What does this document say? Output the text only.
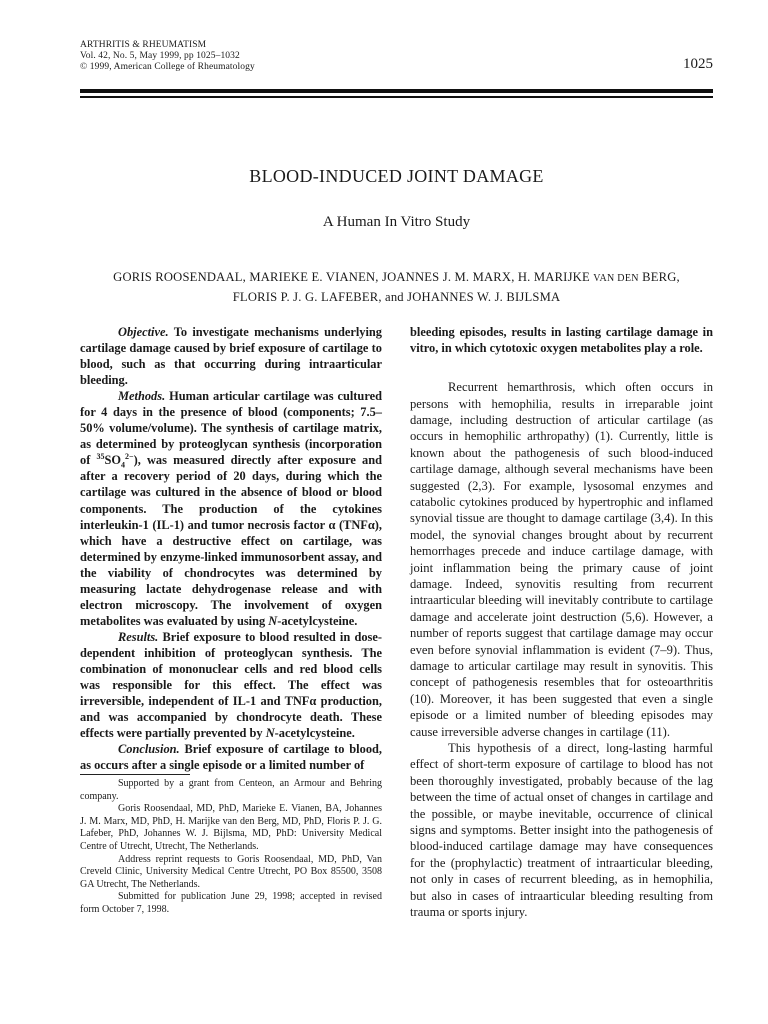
ARTHRITIS & RHEUMATISM
Vol. 42, No. 5, May 1999, pp 1025–1032
© 1999, American College of Rheumatology	1025
BLOOD-INDUCED JOINT DAMAGE
A Human In Vitro Study
GORIS ROOSENDAAL, MARIEKE E. VIANEN, JOANNES J. M. MARX, H. MARIJKE VAN DEN BERG,
FLORIS P. J. G. LAFEBER, and JOHANNES W. J. BIJLSMA

Objective. To investigate mechanisms underlying cartilage damage caused by brief exposure of cartilage to blood, such as that occurring during intraarticular bleeding.

Methods. Human articular cartilage was cultured for 4 days in the presence of blood (components; 7.5–50% volume/volume). The synthesis of cartilage matrix, as determined by proteoglycan synthesis (incorporation of $^{35}SO_4^{2-}$), was measured directly after exposure and after a recovery period of 20 days, during which the cartilage was cultured in the absence of blood or blood components. The production of the cytokines interleukin-1 (IL-1) and tumor necrosis factor α (TNFα), which have a destructive effect on cartilage, was determined by enzyme-linked immunosorbent assay, and the viability of chondrocytes was determined by measuring lactate dehydrogenase release and with electron microscopy. The involvement of oxygen metabolites was evaluated by using N-acetylcysteine.

Results. Brief exposure to blood resulted in dose-dependent inhibition of proteoglycan synthesis. The combination of mononuclear cells and red blood cells was responsible for this effect. The effect was irreversible, independent of IL-1 and TNFα production, and was accompanied by chondrocyte death. These effects were partially prevented by N-acetylcysteine.

Conclusion. Brief exposure of cartilage to blood, as occurs after a single episode or a limited number of

Supported by a grant from Centeon, an Armour and Behring company.

Goris Roosendaal, MD, PhD, Marieke E. Vianen, BA, Johannes J. M. Marx, MD, PhD, H. Marijke van den Berg, MD, PhD, Floris P. J. G. Lafeber, PhD, Johannes W. J. Bijlsma, MD, PhD: University Medical Centre of Utrecht, Utrecht, The Netherlands.

Address reprint requests to Goris Roosendaal, MD, PhD, Van Creveld Clinic, University Medical Centre Utrecht, PO Box 85500, 3508 GA Utrecht, The Netherlands.

Submitted for publication June 29, 1998; accepted in revised form October 7, 1998.

bleeding episodes, results in lasting cartilage damage in vitro, in which cytotoxic oxygen metabolites play a role.

Recurrent hemarthrosis, which often occurs in persons with hemophilia, results in irreparable joint damage, including destruction of articular cartilage (as occurs in hemophilic arthropathy) (1). Currently, little is known about the pathogenesis of such blood-induced cartilage damage, although several mechanisms have been suggested (2,3). For example, lysosomal enzymes and catabolic cytokines produced by hypertrophic and inflamed synovial tissue are thought to damage cartilage (3,4). In this model, the synovial changes brought about by recurrent hemorrhages precede and induce cartilage damage, with joint inflammation being the primary cause of joint damage. Indeed, synovitis resulting from recurrent intraarticular bleeding will inevitably contribute to cartilage damage and accelerate joint destruction (5,6). However, a number of reports suggest that cartilage damage may occur even before synovial inflammation is evident (7–9). Thus, damage to articular cartilage may result in synovitis. This concept of pathogenesis resembles that for osteoarthritis (10). Moreover, it has been suggested that even a single episode or a limited number of bleeding episodes may cause irreversible adverse changes in cartilage (11).

This hypothesis of a direct, long-lasting harmful effect of short-term exposure of cartilage to blood has not been thoroughly investigated, probably because of the lag between the time of actual onset of changes in cartilage and the possible, or maybe inevitable, occurrence of clinical signs and symptoms. Better insight into the pathogenesis of blood-induced cartilage damage may have consequences for the (prophylactic) treatment of intraarticular bleeding, not only in cases of recurrent bleeding, as in hemophilia, but also in cases of intraarticular bleeding resulting from trauma or sports injury.
